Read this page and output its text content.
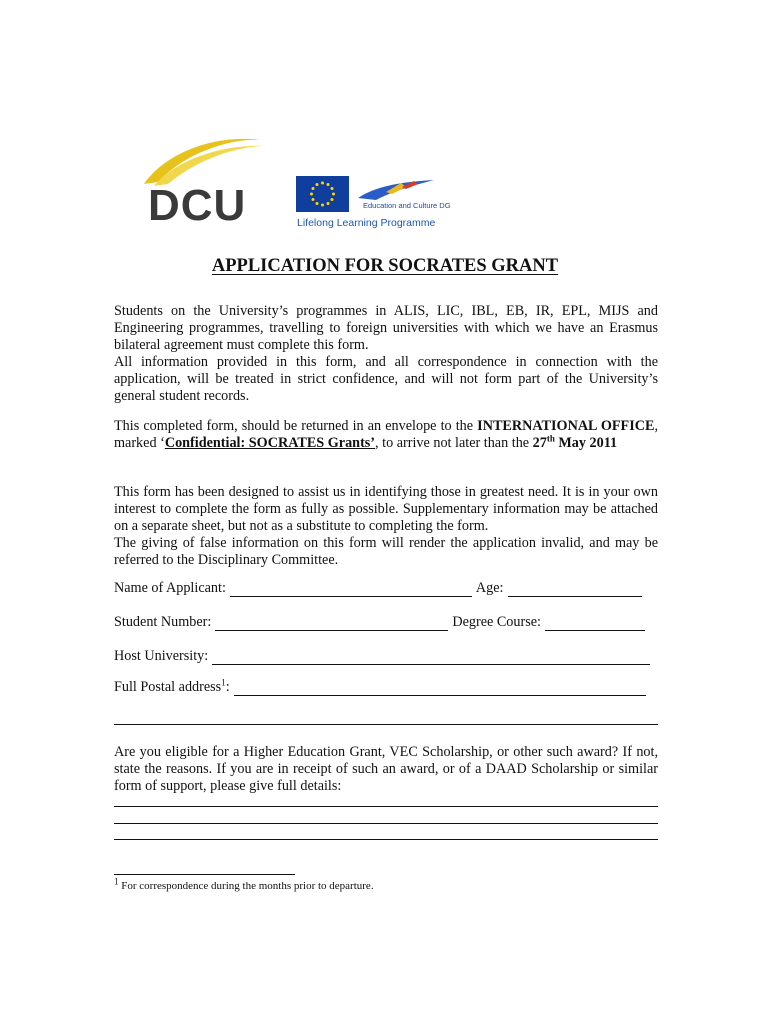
DCU	Education and Culture DG
Lifelong Learning Programme
APPLICATION FOR SOCRATES GRANT

Students on the University’s programmes in ALIS, LIC, IBL, EB, IR, EPL, MIJS and Engineering programmes, travelling to foreign universities with which we have an Erasmus bilateral agreement must complete this form.

All information provided in this form, and all correspondence in connection with the application, will be treated in strict confidence, and will not form part of the University’s general student records.

This completed form, should be returned in an envelope to the INTERNATIONAL OFFICE, marked ‘Confidential: SOCRATES Grants’, to arrive not later than the 27th May 2011

This form has been designed to assist us in identifying those in greatest need. It is in your own interest to complete the form as fully as possible. Supplementary information may be attached on a separate sheet, but not as a substitute to completing the form.

The giving of false information on this form will render the application invalid, and may be referred to the Disciplinary Committee.

Name of Applicant:	Age:
Student Number:	Degree Course:
Host University:
Full Postal address$^1$:
Are you eligible for a Higher Education Grant, VEC Scholarship, or other such award? If not, state the reasons. If you are in receipt of such an award, or of a DAAD Scholarship or similar form of support, please give full details:
$^1$ For correspondence during the months prior to departure.
